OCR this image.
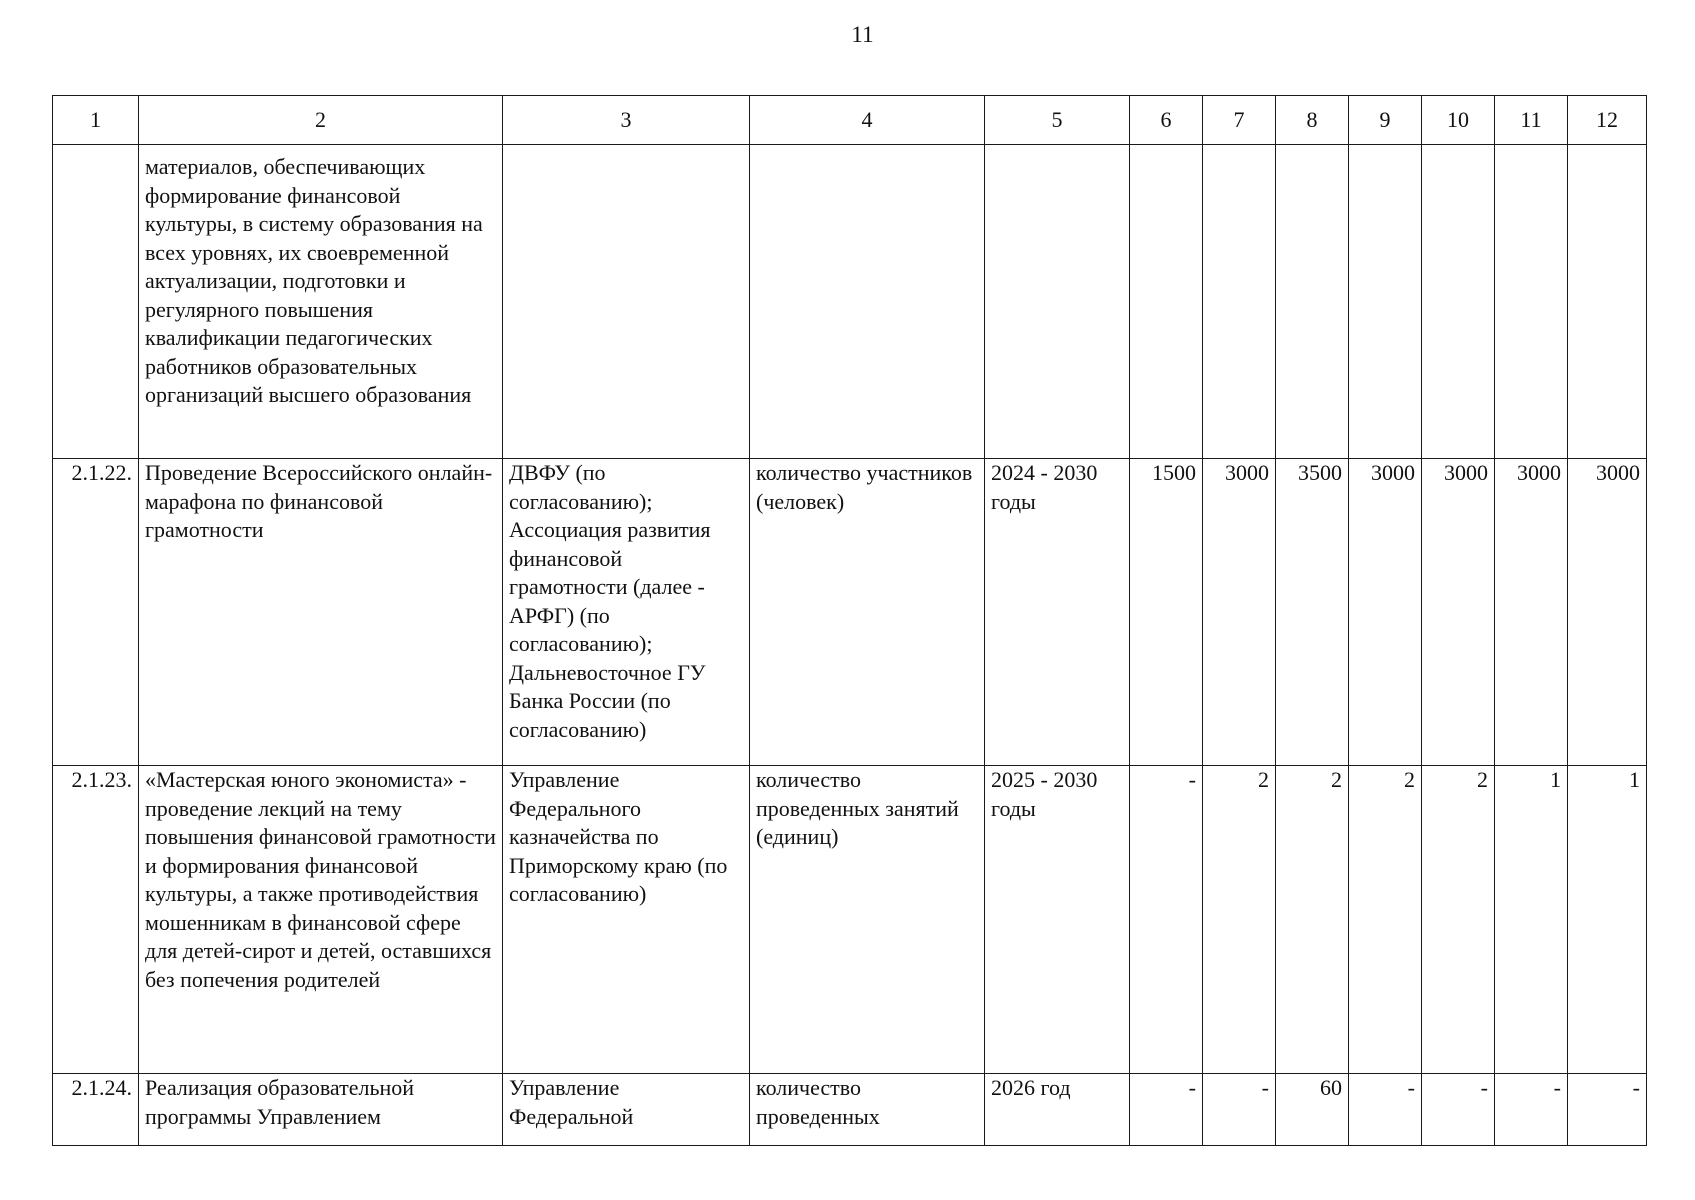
11
1	2	3	4	5	6	7	8	9	10	11	12
	материалов, обеспечивающих формирование финансовой культуры, в систему образования на всех уровнях, их своевременной актуализации, подготовки и регулярного повышения квалификации педагогических работников образовательных организаций высшего образования										
2.1.22.	Проведение Всероссийского онлайн-марафона по финансовой грамотности	ДВФУ (по согласованию); Ассоциация развития финансовой грамотности (далее - АРФГ) (по согласованию); Дальневосточное ГУ Банка России (по согласованию)	количество участников (человек)	2024 - 2030 годы	1500	3000	3500	3000	3000	3000	3000
2.1.23.	«Мастерская юного экономиста» - проведение лекций на тему повышения финансовой грамотности и формирования финансовой культуры, а также противодействия мошенникам в финансовой сфере для детей-сирот и детей, оставшихся без попечения родителей	Управление Федерального казначейства по Приморскому краю (по согласованию)	количество проведенных занятий (единиц)	2025 - 2030 годы	-	2	2	2	2	1	1
2.1.24.	Реализация образовательной программы Управлением	Управление Федеральной	количество проведенных	2026 год	-	-	60	-	-	-	-
